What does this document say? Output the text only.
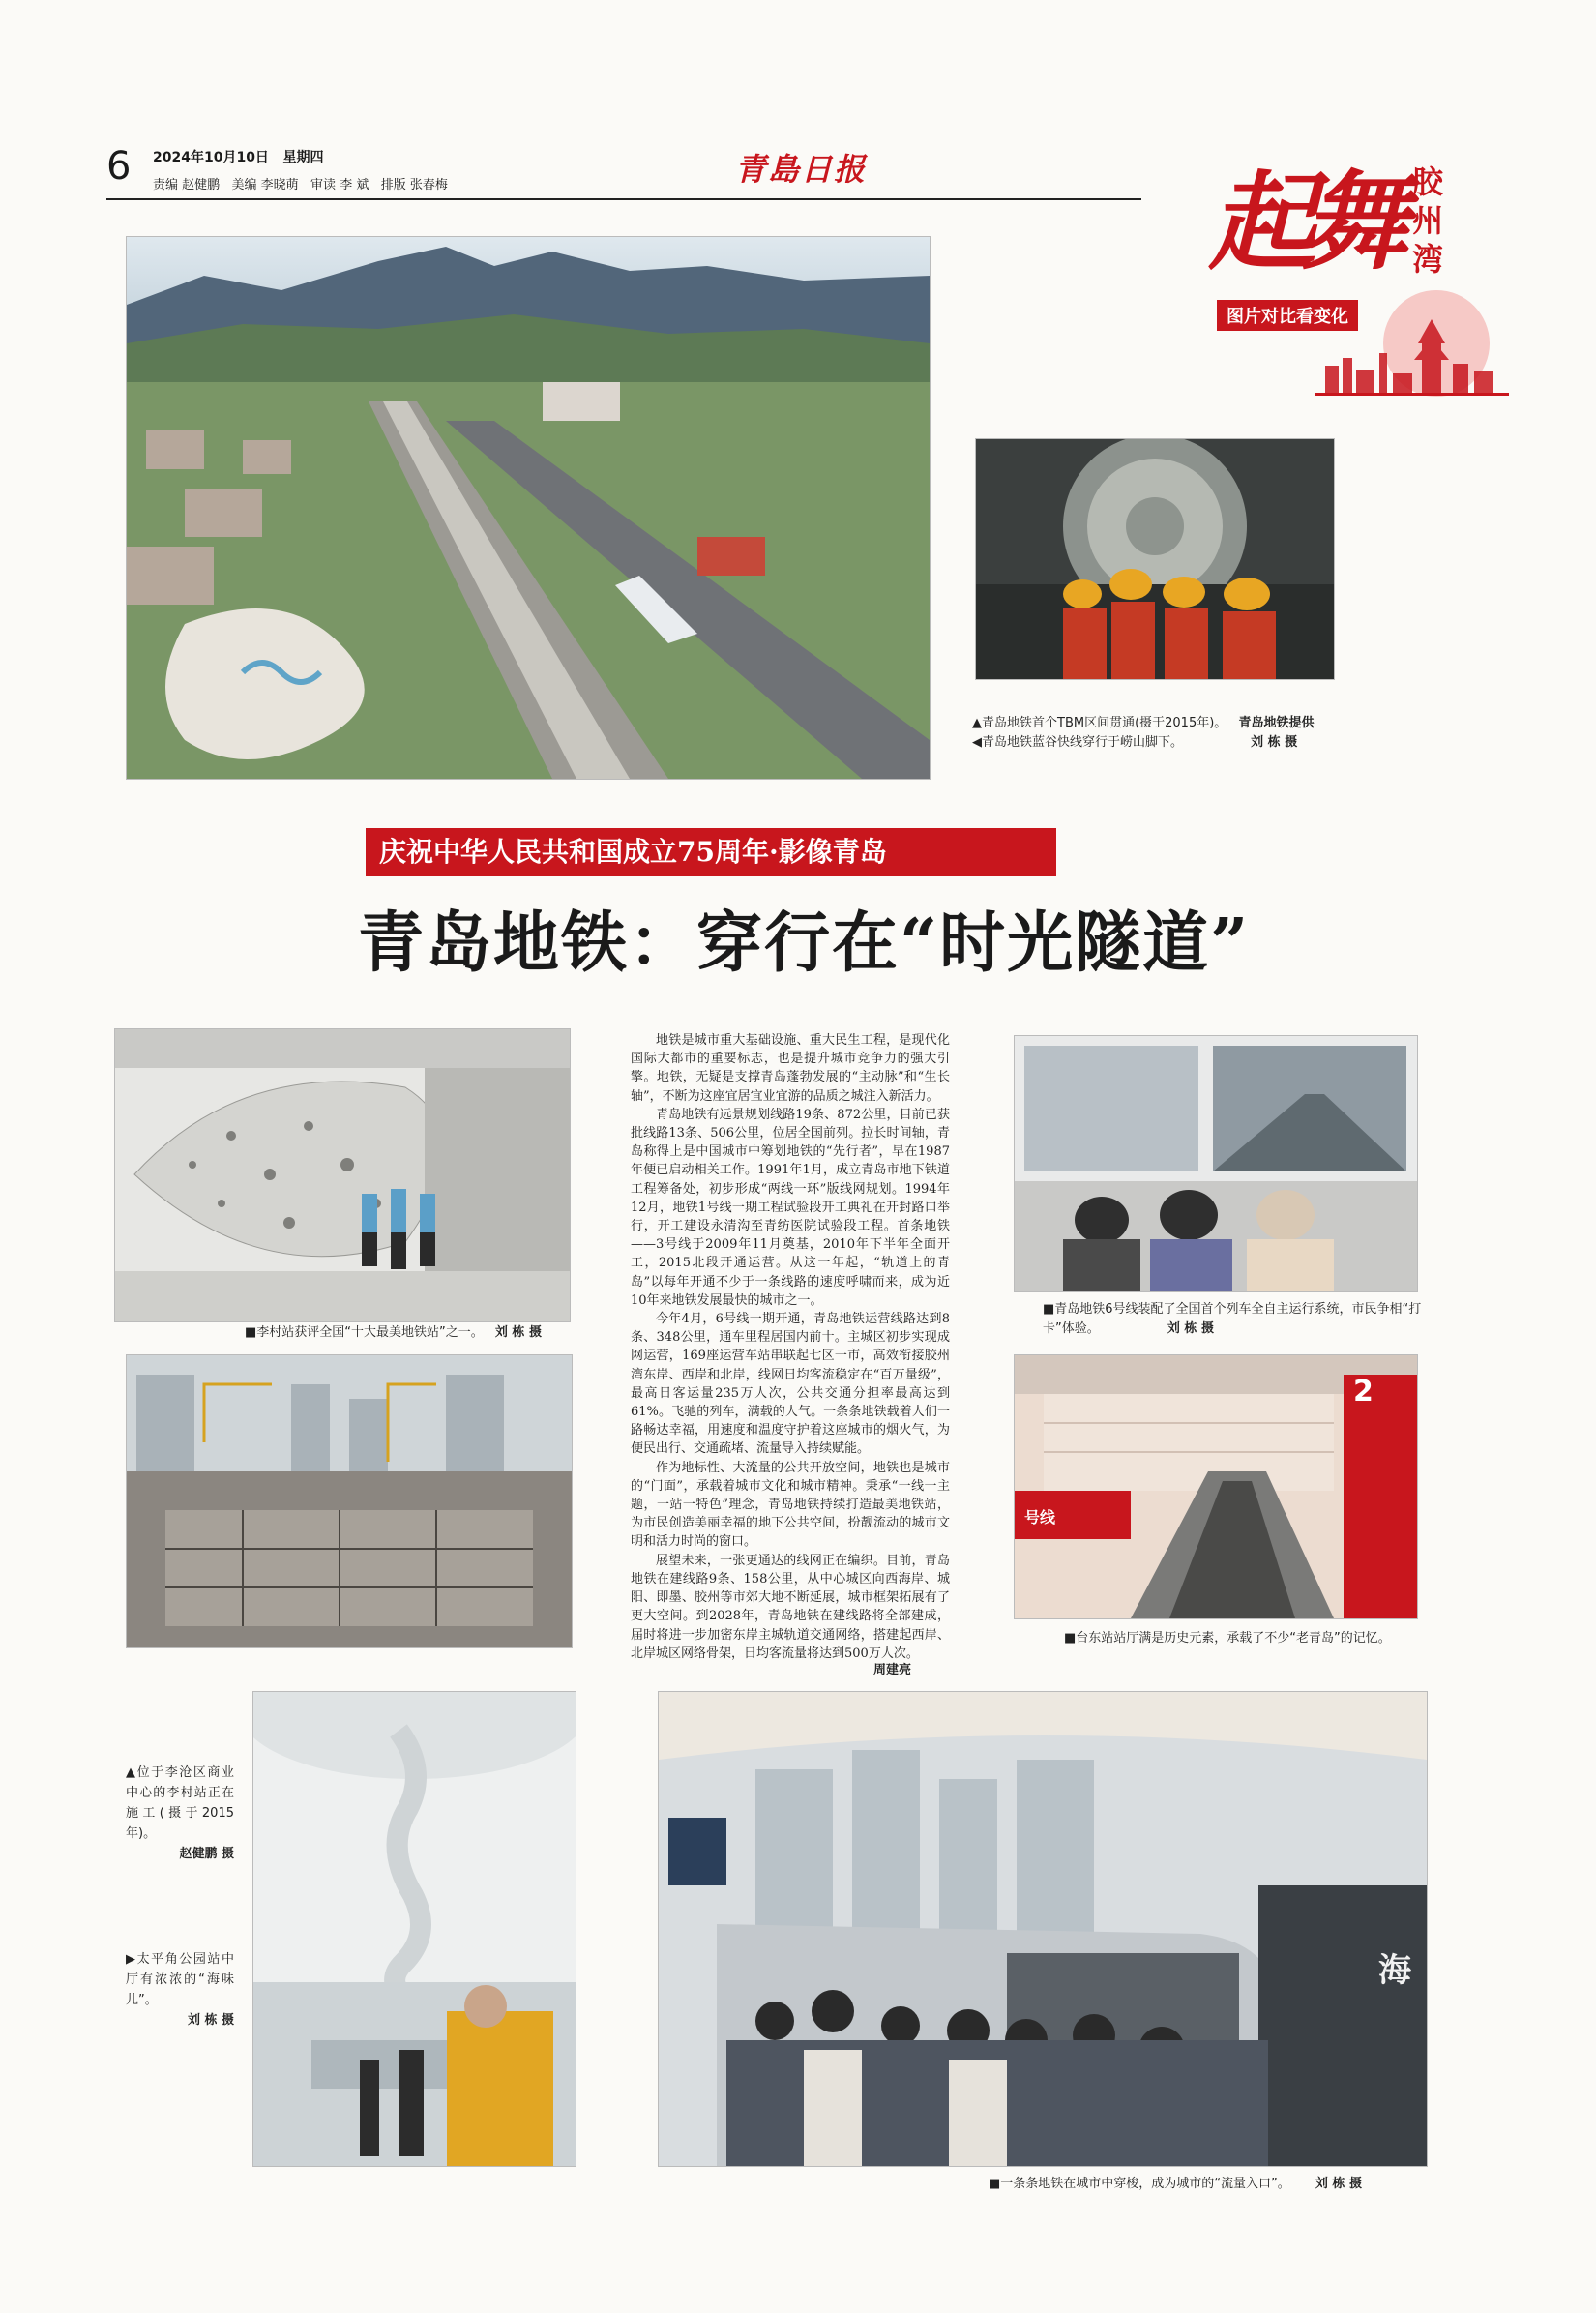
6 2024年10月10日   星期四
责编 赵健鹏   美编 李晓萌   审读 李 斌   排版 张春梅	青島日报	起舞 胶州湾
图片对比看变化
▲青岛地铁首个TBM区间贯通(摄于2015年)。 青岛地铁提供
◀青岛地铁蓝谷快线穿行于崂山脚下。	刘 栋 摄
庆祝中华人民共和国成立75周年·影像青岛
青岛地铁：穿行在“时光隧道”
■李村站获评全国“十大最美地铁站”之一。 刘 栋 摄

地铁是城市重大基础设施、重大民生工程，是现代化国际大都市的重要标志，也是提升城市竞争力的强大引擎。地铁，无疑是支撑青岛蓬勃发展的“主动脉”和“生长轴”，不断为这座宜居宜业宜游的品质之城注入新活力。

青岛地铁有远景规划线路19条、872公里，目前已获批线路13条、506公里，位居全国前列。拉长时间轴，青岛称得上是中国城市中筹划地铁的“先行者”，早在1987年便已启动相关工作。1991年1月，成立青岛市地下铁道工程筹备处，初步形成“两线一环”版线网规划。1994年12月，地铁1号线一期工程试验段开工典礼在开封路口举行，开工建设永清沟至青纺医院试验段工程。首条地铁——3号线于2009年11月奠基，2010年下半年全面开工，2015北段开通运营。从这一年起，“轨道上的青岛”以每年开通不少于一条线路的速度呼啸而来，成为近10年来地铁发展最快的城市之一。

今年4月，6号线一期开通，青岛地铁运营线路达到8条、348公里，通车里程居国内前十。主城区初步实现成网运营，169座运营车站串联起七区一市，高效衔接胶州湾东岸、西岸和北岸，线网日均客流稳定在“百万量级”，最高日客运量235万人次，公共交通分担率最高达到61%。飞驰的列车，满载的人气。一条条地铁载着人们一路畅达幸福，用速度和温度守护着这座城市的烟火气，为便民出行、交通疏堵、流量导入持续赋能。

作为地标性、大流量的公共开放空间，地铁也是城市的“门面”，承载着城市文化和城市精神。秉承“一线一主题，一站一特色”理念，青岛地铁持续打造最美地铁站，为市民创造美丽幸福的地下公共空间，扮靓流动的城市文明和活力时尚的窗口。

展望未来，一张更通达的线网正在编织。目前，青岛地铁在建线路9条、158公里，从中心城区向西海岸、城阳、即墨、胶州等市郊大地不断延展，城市框架拓展有了更大空间。到2028年，青岛地铁在建线路将全部建成，届时将进一步加密东岸主城轨道交通网络，搭建起西岸、北岸城区网络骨架，日均客流量将达到500万人次。

周建亮
■青岛地铁6号线装配了全国首个列车全自主运行系统，市民争相“打卡”体验。	刘 栋 摄
2
号线
■台东站站厅满是历史元素，承载了不少“老青岛”的记忆。
▲位于李沧区商业中心的李村站正在施工(摄于2015年)。
赵健鹏 摄
▶太平角公园站中厅有浓浓的“海味儿”。
刘 栋 摄
海
■一条条地铁在城市中穿梭，成为城市的“流量入口”。 刘 栋 摄
